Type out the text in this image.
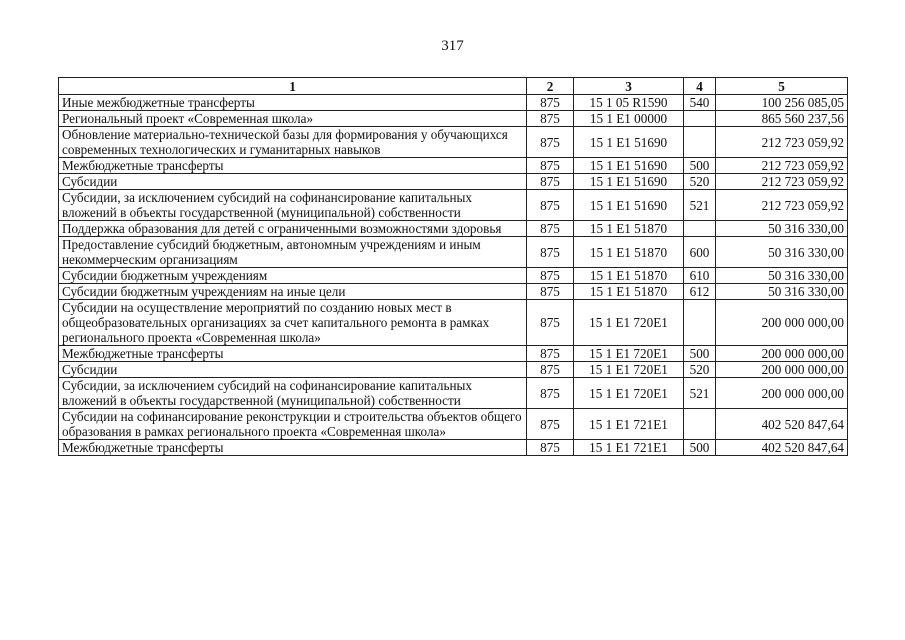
317
1	2	3	4	5
Иные межбюджетные трансферты	875	15 1 05 R1590	540	100 256 085,05
Региональный проект «Современная школа»	875	15 1 E1 00000		865 560 237,56
Обновление материально-технической базы для формирования у обучающихся современных технологических и гуманитарных навыков	875	15 1 E1 51690		212 723 059,92
Межбюджетные трансферты	875	15 1 E1 51690	500	212 723 059,92
Субсидии	875	15 1 E1 51690	520	212 723 059,92
Субсидии, за исключением субсидий на софинансирование капитальных вложений в объекты государственной (муниципальной) собственности	875	15 1 E1 51690	521	212 723 059,92
Поддержка образования для детей с ограниченными возможностями здоровья	875	15 1 E1 51870		50 316 330,00
Предоставление субсидий бюджетным, автономным учреждениям и иным некоммерческим организациям	875	15 1 E1 51870	600	50 316 330,00
Субсидии бюджетным учреждениям	875	15 1 E1 51870	610	50 316 330,00
Субсидии бюджетным учреждениям на иные цели	875	15 1 E1 51870	612	50 316 330,00
Субсидии на осуществление мероприятий по созданию новых мест в общеобразовательных организациях за счет капитального ремонта в рамках регионального проекта «Современная школа»	875	15 1 E1 720E1		200 000 000,00
Межбюджетные трансферты	875	15 1 E1 720E1	500	200 000 000,00
Субсидии	875	15 1 E1 720E1	520	200 000 000,00
Субсидии, за исключением субсидий на софинансирование капитальных вложений в объекты государственной (муниципальной) собственности	875	15 1 E1 720E1	521	200 000 000,00
Субсидии на софинансирование реконструкции и строительства объектов общего образования в рамках регионального проекта «Современная школа»	875	15 1 E1 721E1		402 520 847,64
Межбюджетные трансферты	875	15 1 E1 721E1	500	402 520 847,64
